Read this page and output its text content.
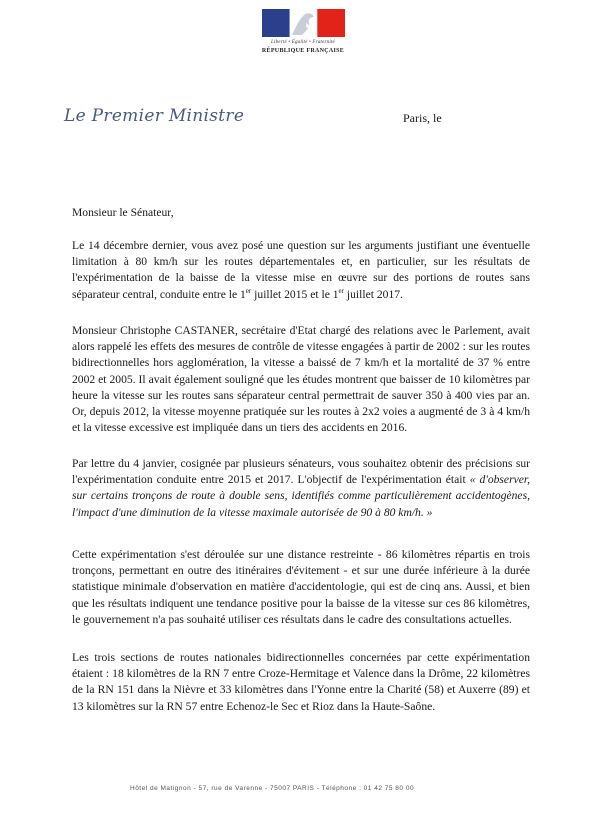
Liberté • Égalité • Fraternité
RÉPUBLIQUE FRANÇAISE
Le Premier Ministre	Paris, le
Monsieur le Sénateur,

Le 14 décembre dernier, vous avez posé une question sur les arguments justifiant une éventuelle limitation à 80 km/h sur les routes départementales et, en particulier, sur les résultats de l'expérimentation de la baisse de la vitesse mise en œuvre sur des portions de routes sans séparateur central, conduite entre le 1er juillet 2015 et le 1er juillet 2017.

Monsieur Christophe CASTANER, secrétaire d'Etat chargé des relations avec le Parlement, avait alors rappelé les effets des mesures de contrôle de vitesse engagées à partir de 2002 : sur les routes bidirectionnelles hors agglomération, la vitesse a baissé de 7 km/h et la mortalité de 37 % entre 2002 et 2005. Il avait également souligné que les études montrent que baisser de 10 kilomètres par heure la vitesse sur les routes sans séparateur central permettrait de sauver 350 à 400 vies par an. Or, depuis 2012, la vitesse moyenne pratiquée sur les routes à 2x2 voies a augmenté de 3 à 4 km/h et la vitesse excessive est impliquée dans un tiers des accidents en 2016.

Par lettre du 4 janvier, cosignée par plusieurs sénateurs, vous souhaitez obtenir des précisions sur l'expérimentation conduite entre 2015 et 2017. L'objectif de l'expérimentation était « d'observer, sur certains tronçons de route à double sens, identifiés comme particulièrement accidentogènes, l'impact d'une diminution de la vitesse maximale autorisée de 90 à 80 km/h. »

Cette expérimentation s'est déroulée sur une distance restreinte - 86 kilomètres répartis en trois tronçons, permettant en outre des itinéraires d'évitement - et sur une durée inférieure à la durée statistique minimale d'observation en matière d'accidentologie, qui est de cinq ans. Aussi, et bien que les résultats indiquent une tendance positive pour la baisse de la vitesse sur ces 86 kilomètres, le gouvernement n'a pas souhaité utiliser ces résultats dans le cadre des consultations actuelles.

Les trois sections de routes nationales bidirectionnelles concernées par cette expérimentation étaient : 18 kilomètres de la RN 7 entre Croze-Hermitage et Valence dans la Drôme, 22 kilomètres de la RN 151 dans la Nièvre et 33 kilomètres dans l'Yonne entre la Charité (58) et Auxerre (89) et 13 kilomètres sur la RN 57 entre Echenoz-le Sec et Rioz dans la Haute-Saône.

Hôtel de Matignon - 57, rue de Varenne - 75007 PARIS - Téléphone : 01 42 75 80 00
